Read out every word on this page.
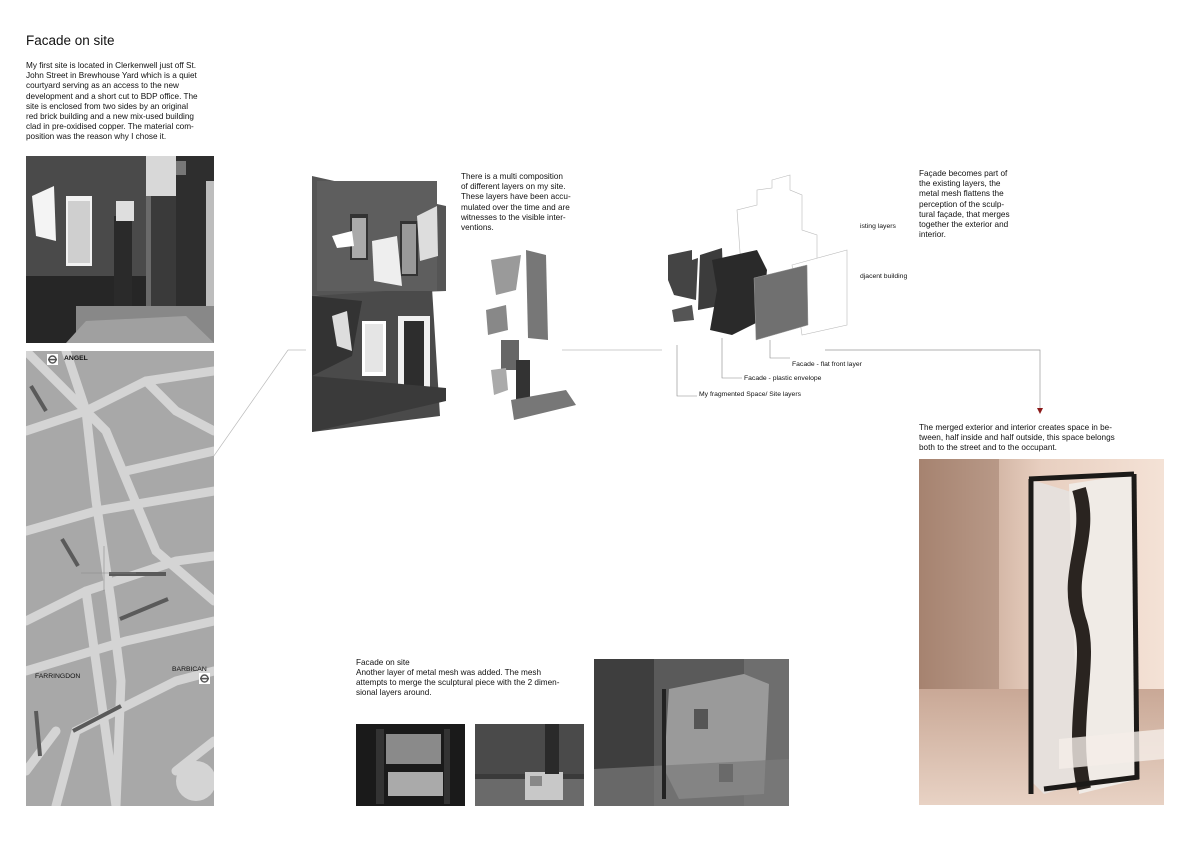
Facade on site
My first site is located in Clerkenwell just off St.
John Street in Brewhouse Yard which is a quiet
courtyard serving as an access to the new
development and a short cut to BDP office. The
site is enclosed from two sides by an original
red brick building and a new mix-used building
clad in pre-oxidised copper. The material com-
position was the reason why I chose it.
ANGEL
FARRINGDON
BARBICAN
There is a multi composition
of different layers on my site.
These layers have been accu-
mulated over the time and are
witnesses to the visible inter-
ventions.	isting layers
djacent building
Facade - flat front layer
Facade - plastic envelope
My fragmented Space/ Site layers
Façade becomes part of
the existing layers, the
metal mesh flattens the
perception of the sculp-
tural façade, that merges
together the exterior and
interior.
The merged exterior and interior creates space in be-
tween, half inside and half outside, this space belongs
both to the street and to the occupant.
Facade on site
Another layer of metal mesh was added. The mesh
attempts to merge the sculptural piece with the 2 dimen-
sional layers around.
